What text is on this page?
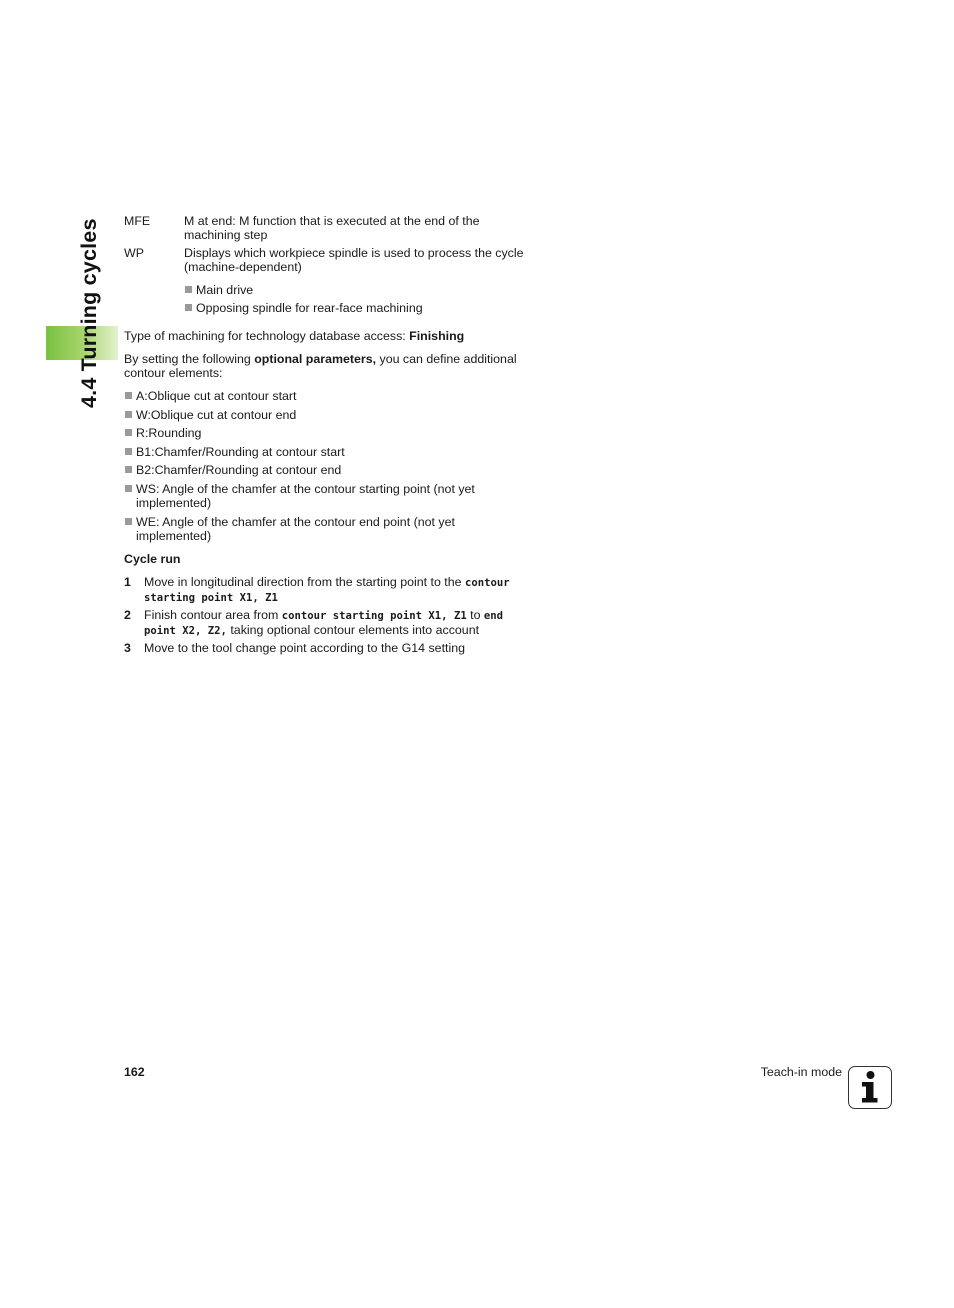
4.4 Turning cycles MFE	M at end: M function that is executed at the end of the machining step
WP	Displays which workpiece spindle is used to process the cycle (machine-dependent)
Main drive
Opposing spindle for rear-face machining
Type of machining for technology database access: Finishing
By setting the following optional parameters, you can define additional contour elements:
A:Oblique cut at contour start
W:Oblique cut at contour end
R:Rounding
B1:Chamfer/Rounding at contour start
B2:Chamfer/Rounding at contour end
WS: Angle of the chamfer at the contour starting point (not yet implemented)
WE: Angle of the chamfer at the contour end point (not yet implemented)
Cycle run
1 Move in longitudinal direction from the starting point to the contour starting point X1, Z1
2 Finish contour area from contour starting point X1, Z1 to end point X2, Z2, taking optional contour elements into account
3 Move to the tool change point according to the G14 setting
162	Teach-in mode
